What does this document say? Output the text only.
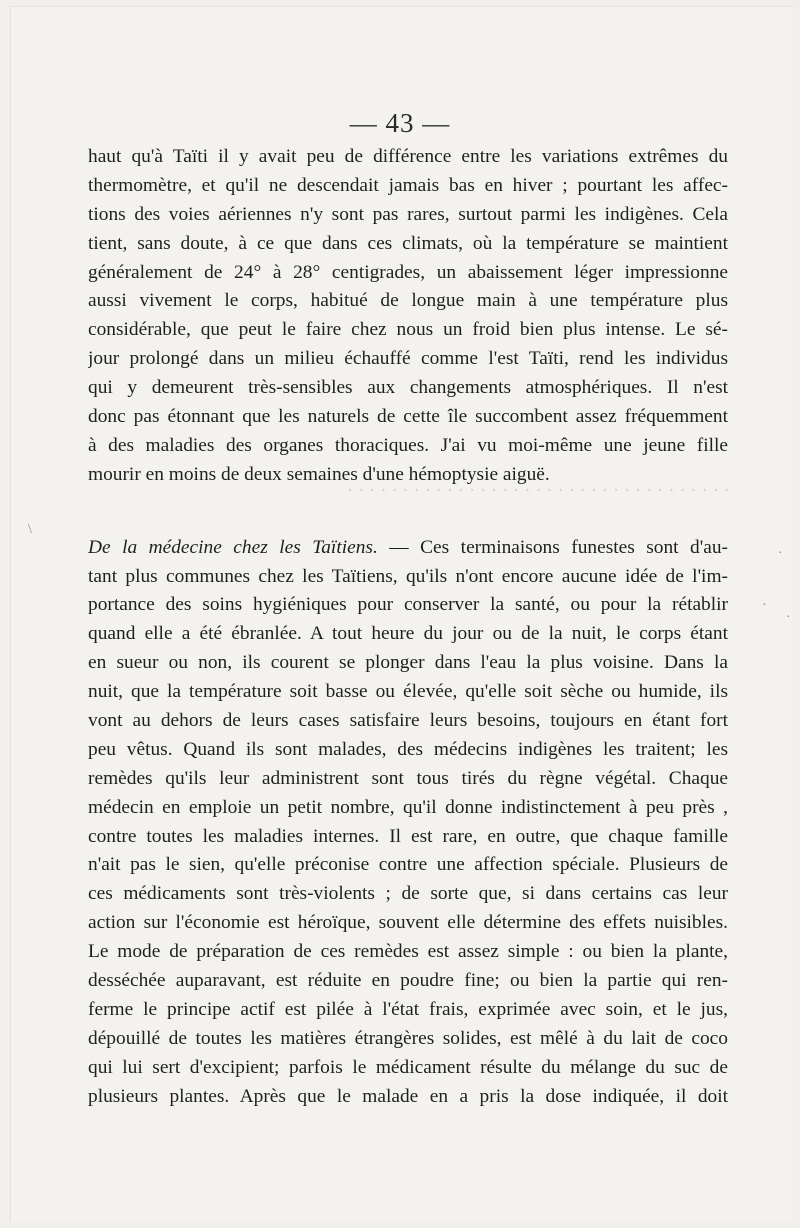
· · · · · · · · · · · · · · · · · · · · · · · · · · · · · · · · · · ·
\
·
·
·
— 43 —
haut qu'à Taïti il y avait peu de différence entre les variations extrêmes du
thermomètre, et qu'il ne descendait jamais bas en hiver ; pourtant les affec-
tions des voies aériennes n'y sont pas rares, surtout parmi les indigènes. Cela
tient, sans doute, à ce que dans ces climats, où la température se maintient
généralement de 24° à 28° centigrades, un abaissement léger impressionne
aussi vivement le corps, habitué de longue main à une température plus
considérable, que peut le faire chez nous un froid bien plus intense. Le sé-
jour prolongé dans un milieu échauffé comme l'est Taïti, rend les individus
qui y demeurent très-sensibles aux changements atmosphériques. Il n'est
donc pas étonnant que les naturels de cette île succombent assez fréquemment
à des maladies des organes thoraciques. J'ai vu moi-même une jeune fille
mourir en moins de deux semaines d'une hémoptysie aiguë.
De la médecine chez les Taïtiens. — Ces terminaisons funestes sont d'au-
tant plus communes chez les Taïtiens, qu'ils n'ont encore aucune idée de l'im-
portance des soins hygiéniques pour conserver la santé, ou pour la rétablir
quand elle a été ébranlée. A tout heure du jour ou de la nuit, le corps étant
en sueur ou non, ils courent se plonger dans l'eau la plus voisine. Dans la
nuit, que la température soit basse ou élevée, qu'elle soit sèche ou humide, ils
vont au dehors de leurs cases satisfaire leurs besoins, toujours en étant fort
peu vêtus. Quand ils sont malades, des médecins indigènes les traitent; les
remèdes qu'ils leur administrent sont tous tirés du règne végétal. Chaque
médecin en emploie un petit nombre, qu'il donne indistinctement à peu près ,
contre toutes les maladies internes. Il est rare, en outre, que chaque famille
n'ait pas le sien, qu'elle préconise contre une affection spéciale. Plusieurs de
ces médicaments sont très-violents ; de sorte que, si dans certains cas leur
action sur l'économie est héroïque, souvent elle détermine des effets nuisibles.
Le mode de préparation de ces remèdes est assez simple : ou bien la plante,
desséchée auparavant, est réduite en poudre fine; ou bien la partie qui ren-
ferme le principe actif est pilée à l'état frais, exprimée avec soin, et le jus,
dépouillé de toutes les matières étrangères solides, est mêlé à du lait de coco
qui lui sert d'excipient; parfois le médicament résulte du mélange du suc de
plusieurs plantes. Après que le malade en a pris la dose indiquée, il doit
